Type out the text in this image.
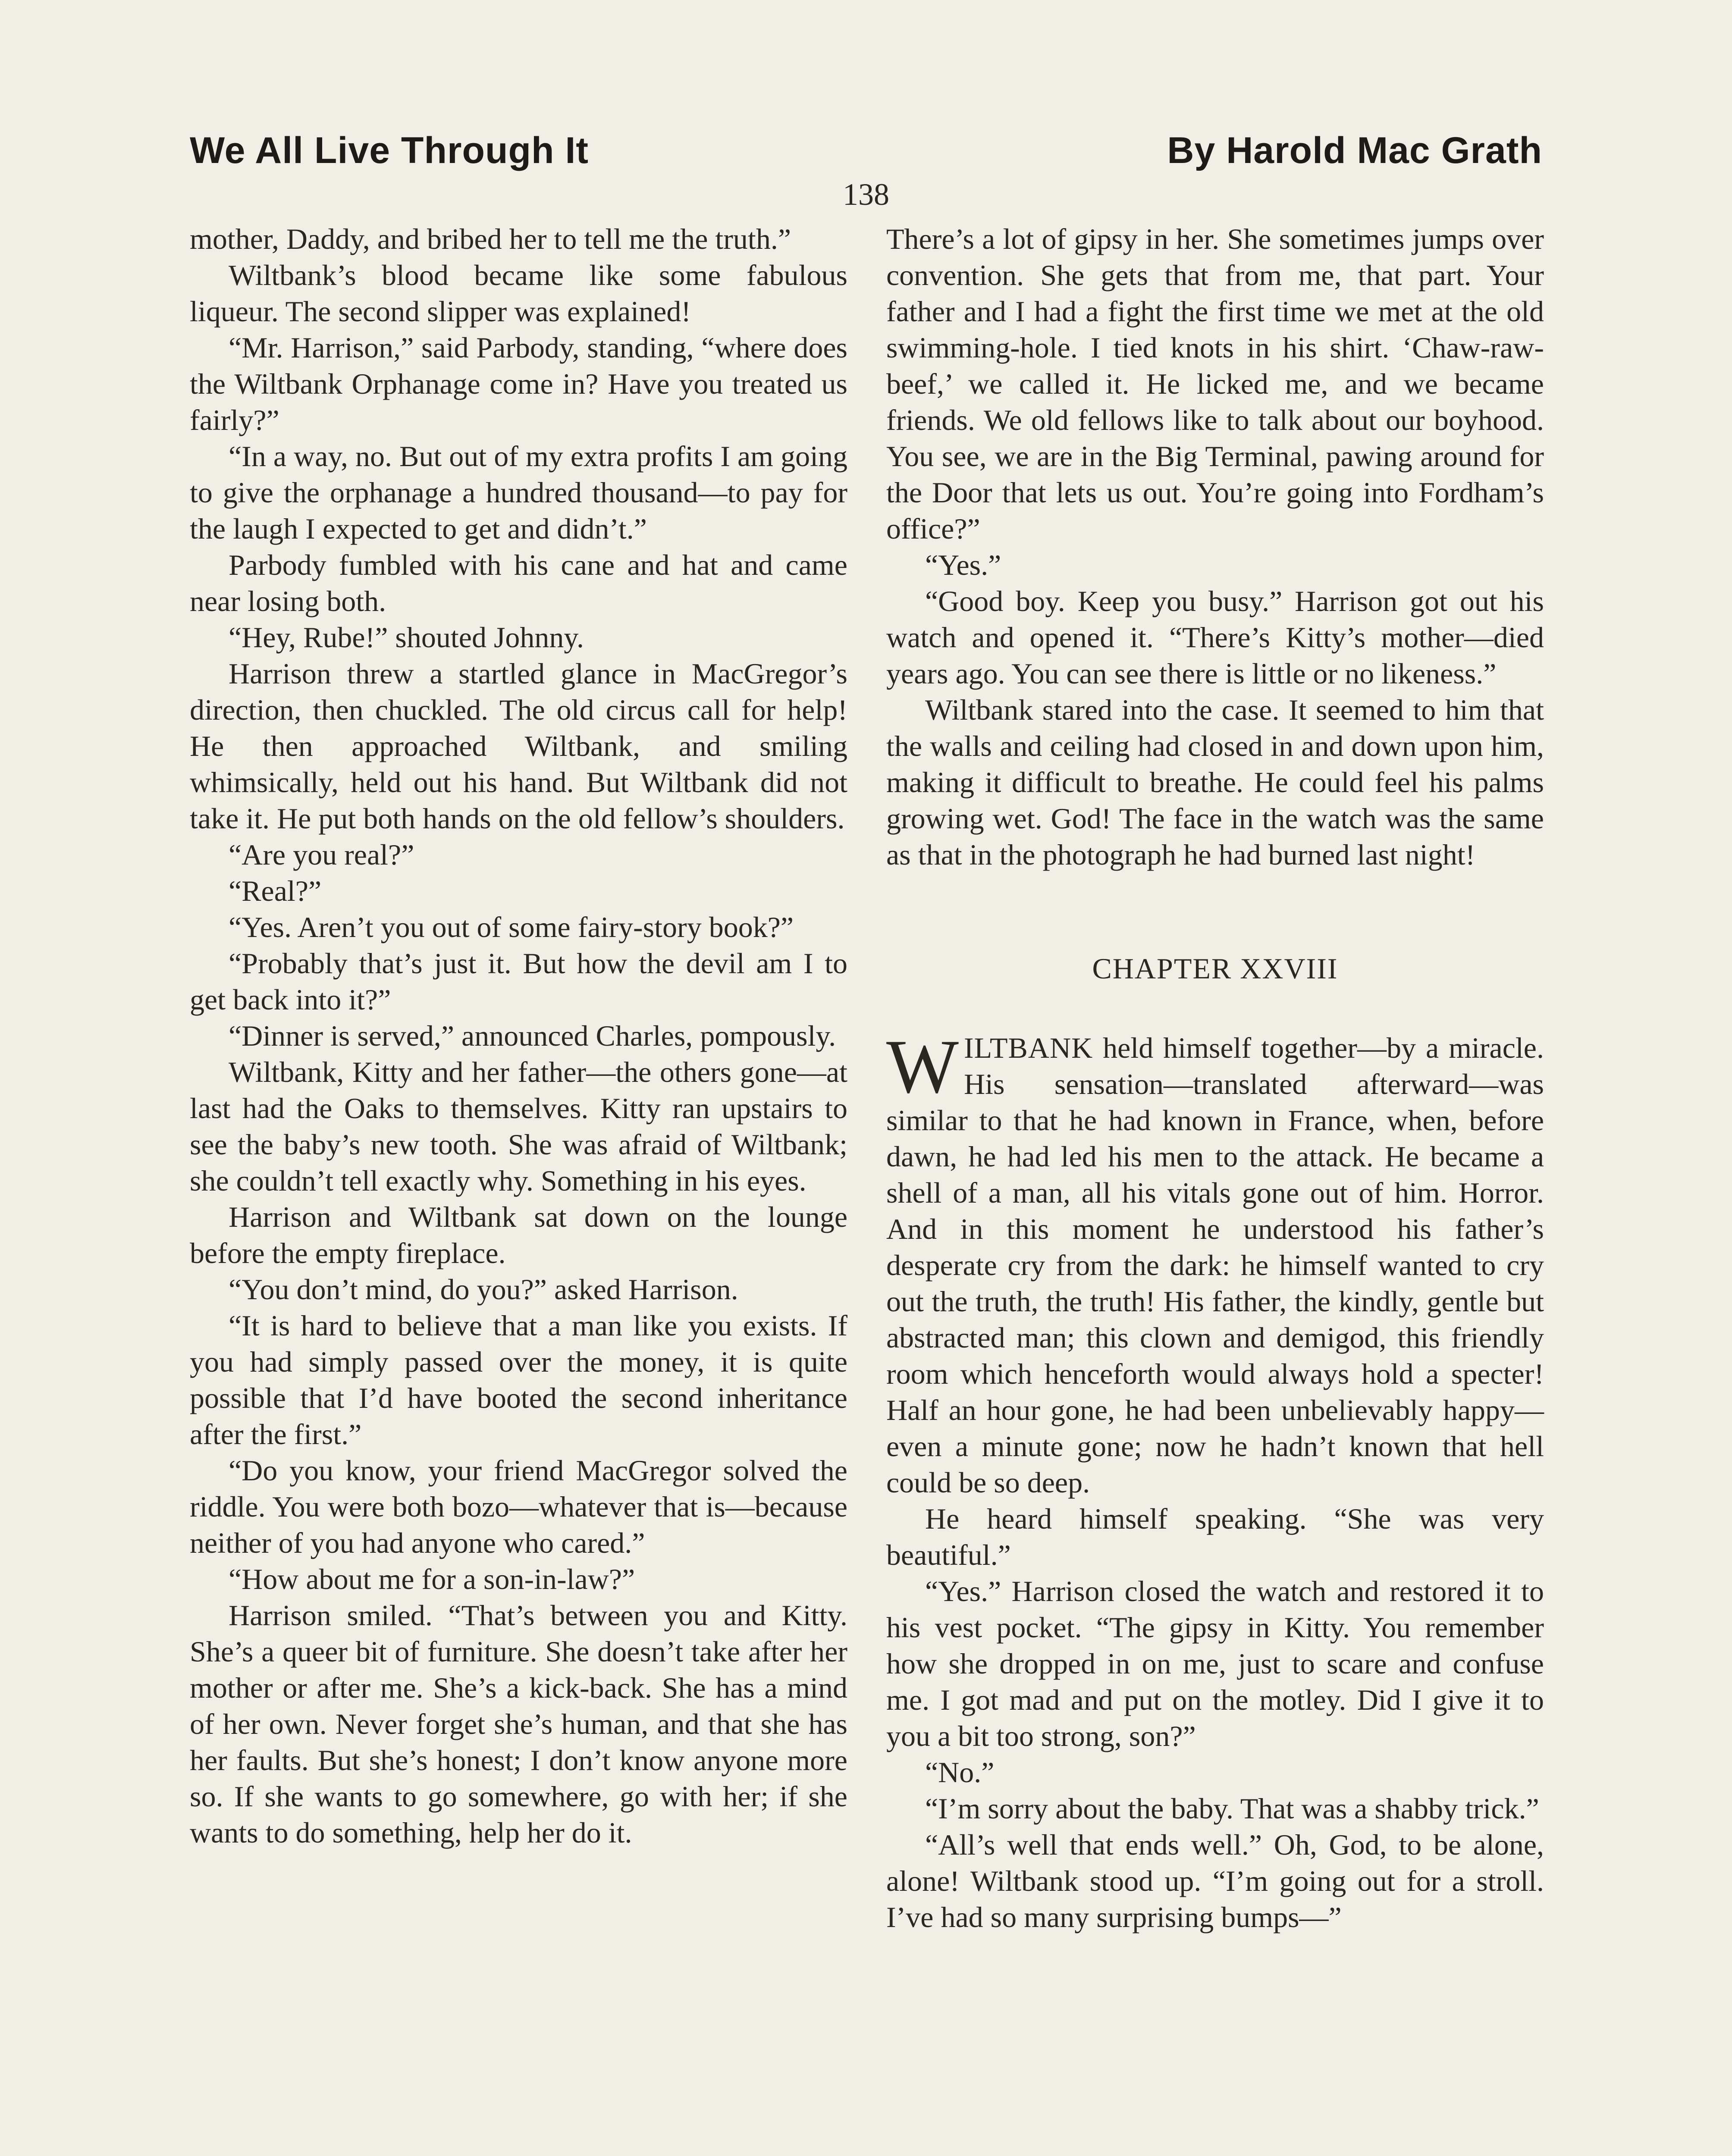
We All Live Through It	By Harold Mac Grath
138

mother, Daddy, and bribed her to tell me the truth.”

Wiltbank’s blood became like some fabulous liqueur. The second slipper was explained!

“Mr. Harrison,” said Parbody, standing, “where does the Wiltbank Orphanage come in? Have you treated us fairly?”

“In a way, no. But out of my extra profits I am going to give the orphanage a hundred thousand—to pay for the laugh I expected to get and didn’t.”

Parbody fumbled with his cane and hat and came near losing both.

“Hey, Rube!” shouted Johnny.

Harrison threw a startled glance in MacGregor’s direction, then chuckled. The old circus call for help! He then approached Wiltbank, and smiling whimsically, held out his hand. But Wiltbank did not take it. He put both hands on the old fellow’s shoulders.

“Are you real?”

“Real?”

“Yes. Aren’t you out of some fairy-story book?”

“Probably that’s just it. But how the devil am I to get back into it?”

“Dinner is served,” announced Charles, pompously.

Wiltbank, Kitty and her father—the others gone—at last had the Oaks to themselves. Kitty ran upstairs to see the baby’s new tooth. She was afraid of Wiltbank; she couldn’t tell exactly why. Something in his eyes.

Harrison and Wiltbank sat down on the lounge before the empty fireplace.

“You don’t mind, do you?” asked Harrison.

“It is hard to believe that a man like you exists. If you had simply passed over the money, it is quite possible that I’d have booted the second inheritance after the first.”

“Do you know, your friend MacGregor solved the riddle. You were both bozo—whatever that is—because neither of you had anyone who cared.”

“How about me for a son-in-law?”

Harrison smiled. “That’s between you and Kitty. She’s a queer bit of furniture. She doesn’t take after her mother or after me. She’s a kick-back. She has a mind of her own. Never forget she’s human, and that she has her faults. But she’s honest; I don’t know anyone more so. If she wants to go somewhere, go with her; if she wants to do something, help her do it.

There’s a lot of gipsy in her. She sometimes jumps over convention. She gets that from me, that part. Your father and I had a fight the first time we met at the old swimming-hole. I tied knots in his shirt. ‘Chaw-raw-beef,’ we called it. He licked me, and we became friends. We old fellows like to talk about our boyhood. You see, we are in the Big Terminal, pawing around for the Door that lets us out. You’re going into Fordham’s office?”

“Yes.”

“Good boy. Keep you busy.” Harrison got out his watch and opened it. “There’s Kitty’s mother—died years ago. You can see there is little or no likeness.”

Wiltbank stared into the case. It seemed to him that the walls and ceiling had closed in and down upon him, making it difficult to breathe. He could feel his palms growing wet. God! The face in the watch was the same as that in the photograph he had burned last night!

CHAPTER XXVIII

WILTBANK held himself together—by a miracle. His sensation—translated afterward—was similar to that he had known in France, when, before dawn, he had led his men to the attack. He became a shell of a man, all his vitals gone out of him. Horror. And in this moment he understood his father’s desperate cry from the dark: he himself wanted to cry out the truth, the truth! His father, the kindly, gentle but abstracted man; this clown and demigod, this friendly room which henceforth would always hold a specter! Half an hour gone, he had been unbelievably happy—even a minute gone; now he hadn’t known that hell could be so deep.

He heard himself speaking. “She was very beautiful.”

“Yes.” Harrison closed the watch and restored it to his vest pocket. “The gipsy in Kitty. You remember how she dropped in on me, just to scare and confuse me. I got mad and put on the motley. Did I give it to you a bit too strong, son?”

“No.”

“I’m sorry about the baby. That was a shabby trick.”

“All’s well that ends well.” Oh, God, to be alone, alone! Wiltbank stood up. “I’m going out for a stroll. I’ve had so many surprising bumps—”
